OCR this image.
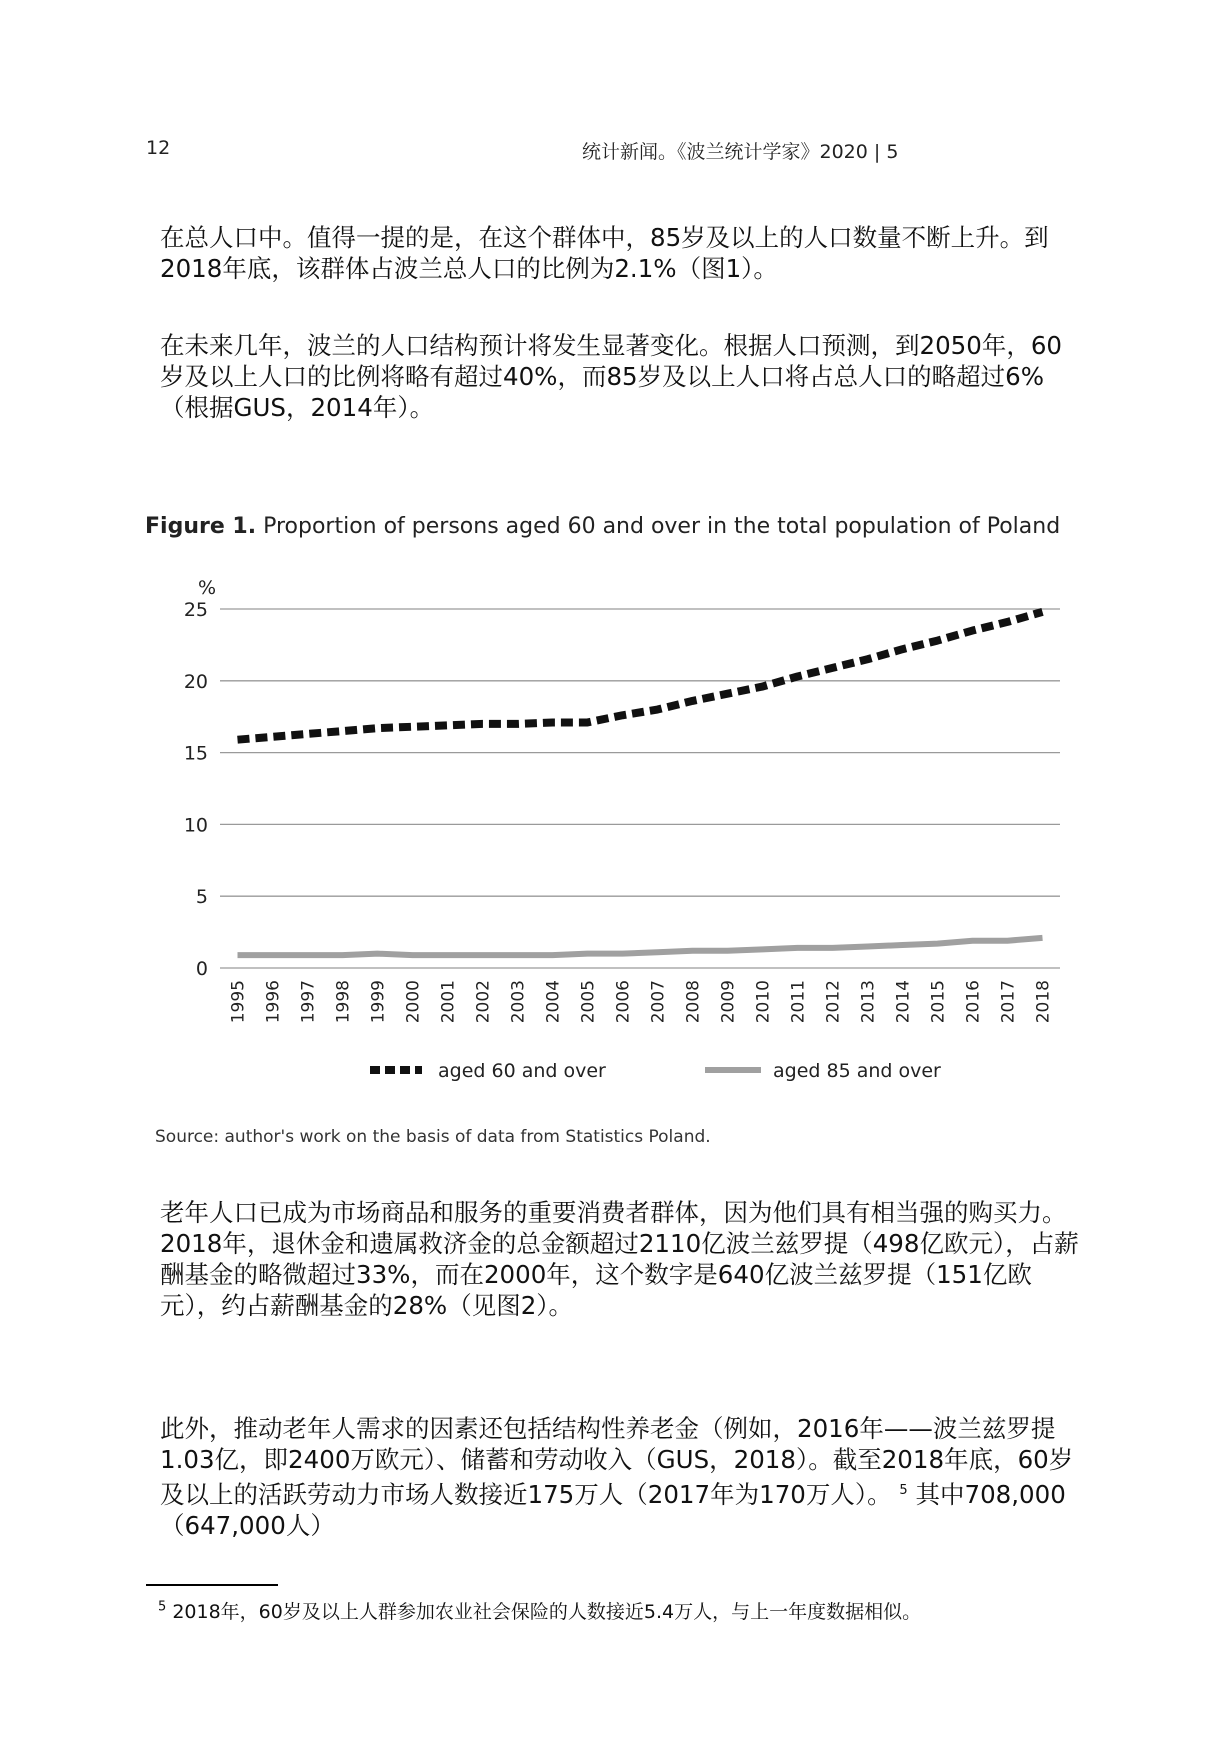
12	统计新闻。《波兰统计学家》2020 | 5

在总人口中。值得一提的是，在这个群体中，85岁及以上的人口数量不断上升。到2018年底，该群体占波兰总人口的比例为2.1%（图1）。

在未来几年，波兰的人口结构预计将发生显著变化。根据人口预测，到2050年，60岁及以上人口的比例将略有超过40%，而85岁及以上人口将占总人口的略超过6%（根据GUS，2014年）。

Figure 1. Proportion of persons aged 60 and over in the total population of Poland
%
0
5
10
15
20
25
1995 1996 1997 1998 1999 2000 2001 2002 2003 2004 2005 2006 2007 2008 2009 2010 2011 2012 2013 2014 2015 2016 2017 2018
aged 60 and over	aged 85 and over
Source: author's work on the basis of data from Statistics Poland.

老年人口已成为市场商品和服务的重要消费者群体，因为他们具有相当强的购买力。2018年，退休金和遗属救济金的总金额超过2110亿波兰兹罗提（498亿欧元），占薪酬基金的略微超过33%，而在2000年，这个数字是640亿波兰兹罗提（151亿欧元），约占薪酬基金的28%（见图2）。

此外，推动老年人需求的因素还包括结构性养老金（例如，2016年——波兰兹罗提1.03亿，即2400万欧元）、储蓄和劳动收入（GUS，2018）。截至2018年底，60岁及以上的活跃劳动力市场人数接近175万人（2017年为170万人）。 $^5$ 其中708,000（647,000人）

$^5$ 2018年，60岁及以上人群参加农业社会保险的人数接近5.4万人，与上一年度数据相似。
